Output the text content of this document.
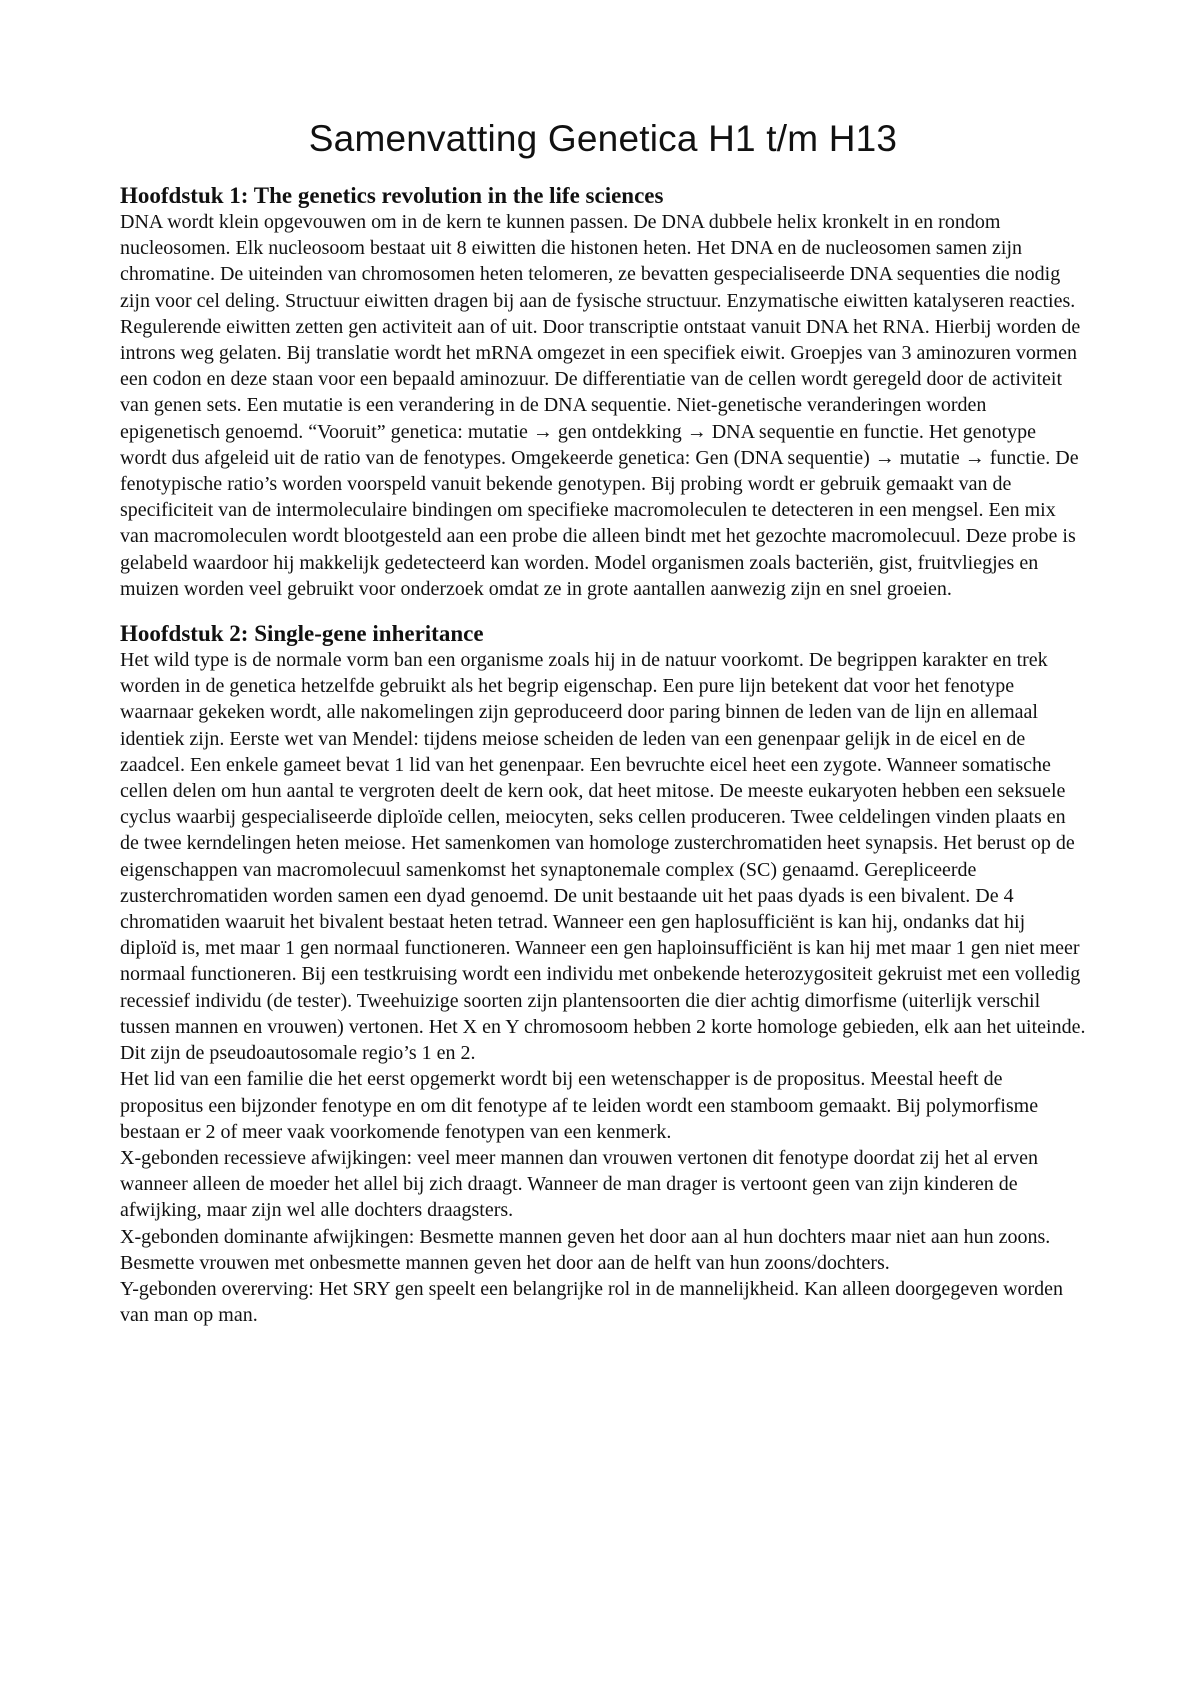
Samenvatting Genetica H1 t/m H13
Hoofdstuk 1: The genetics revolution in the life sciences

DNA wordt klein opgevouwen om in de kern te kunnen passen. De DNA dubbele helix kronkelt in en rondom nucleosomen. Elk nucleosoom bestaat uit 8 eiwitten die histonen heten. Het DNA en de nucleosomen samen zijn chromatine. De uiteinden van chromosomen heten telomeren, ze bevatten gespecialiseerde DNA sequenties die nodig zijn voor cel deling. Structuur eiwitten dragen bij aan de fysische structuur. Enzymatische eiwitten katalyseren reacties. Regulerende eiwitten zetten gen activiteit aan of uit. Door transcriptie ontstaat vanuit DNA het RNA. Hierbij worden de introns weg gelaten. Bij translatie wordt het mRNA omgezet in een specifiek eiwit. Groepjes van 3 aminozuren vormen een codon en deze staan voor een bepaald aminozuur. De differentiatie van de cellen wordt geregeld door de activiteit van genen sets. Een mutatie is een verandering in de DNA sequentie. Niet-genetische veranderingen worden epigenetisch genoemd. “Vooruit” genetica: mutatie → gen ontdekking → DNA sequentie en functie. Het genotype wordt dus afgeleid uit de ratio van de fenotypes. Omgekeerde genetica: Gen (DNA sequentie) → mutatie → functie. De fenotypische ratio’s worden voorspeld vanuit bekende genotypen. Bij probing wordt er gebruik gemaakt van de specificiteit van de intermoleculaire bindingen om specifieke macromoleculen te detecteren in een mengsel. Een mix van macromoleculen wordt blootgesteld aan een probe die alleen bindt met het gezochte macromolecuul. Deze probe is gelabeld waardoor hij makkelijk gedetecteerd kan worden. Model organismen zoals bacteriën, gist, fruitvliegjes en muizen worden veel gebruikt voor onderzoek omdat ze in grote aantallen aanwezig zijn en snel groeien.

Hoofdstuk 2: Single-gene inheritance

Het wild type is de normale vorm ban een organisme zoals hij in de natuur voorkomt. De begrippen karakter en trek worden in de genetica hetzelfde gebruikt als het begrip eigenschap. Een pure lijn betekent dat voor het fenotype waarnaar gekeken wordt, alle nakomelingen zijn geproduceerd door paring binnen de leden van de lijn en allemaal identiek zijn. Eerste wet van Mendel: tijdens meiose scheiden de leden van een genenpaar gelijk in de eicel en de zaadcel. Een enkele gameet bevat 1 lid van het genenpaar. Een bevruchte eicel heet een zygote. Wanneer somatische cellen delen om hun aantal te vergroten deelt de kern ook, dat heet mitose. De meeste eukaryoten hebben een seksuele cyclus waarbij gespecialiseerde diploïde cellen, meiocyten, seks cellen produceren. Twee celdelingen vinden plaats en de twee kerndelingen heten meiose. Het samenkomen van homologe zusterchromatiden heet synapsis. Het berust op de eigenschappen van macromolecuul samenkomst het synaptonemale complex (SC) genaamd. Gerepliceerde zusterchromatiden worden samen een dyad genoemd. De unit bestaande uit het paas dyads is een bivalent. De 4 chromatiden waaruit het bivalent bestaat heten tetrad. Wanneer een gen haplosufficiënt is kan hij, ondanks dat hij diploïd is, met maar 1 gen normaal functioneren. Wanneer een gen haploinsufficiënt is kan hij met maar 1 gen niet meer normaal functioneren. Bij een testkruising wordt een individu met onbekende heterozygositeit gekruist met een volledig recessief individu (de tester). Tweehuizige soorten zijn plantensoorten die dier achtig dimorfisme (uiterlijk verschil tussen mannen en vrouwen) vertonen. Het X en Y chromosoom hebben 2 korte homologe gebieden, elk aan het uiteinde. Dit zijn de pseudoautosomale regio’s 1 en 2.

Het lid van een familie die het eerst opgemerkt wordt bij een wetenschapper is de propositus. Meestal heeft de propositus een bijzonder fenotype en om dit fenotype af te leiden wordt een stamboom gemaakt. Bij polymorfisme bestaan er 2 of meer vaak voorkomende fenotypen van een kenmerk.

X-gebonden recessieve afwijkingen: veel meer mannen dan vrouwen vertonen dit fenotype doordat zij het al erven wanneer alleen de moeder het allel bij zich draagt. Wanneer de man drager is vertoont geen van zijn kinderen de afwijking, maar zijn wel alle dochters draagsters.

X-gebonden dominante afwijkingen: Besmette mannen geven het door aan al hun dochters maar niet aan hun zoons. Besmette vrouwen met onbesmette mannen geven het door aan de helft van hun zoons/dochters.

Y-gebonden overerving: Het SRY gen speelt een belangrijke rol in de mannelijkheid. Kan alleen doorgegeven worden van man op man.
